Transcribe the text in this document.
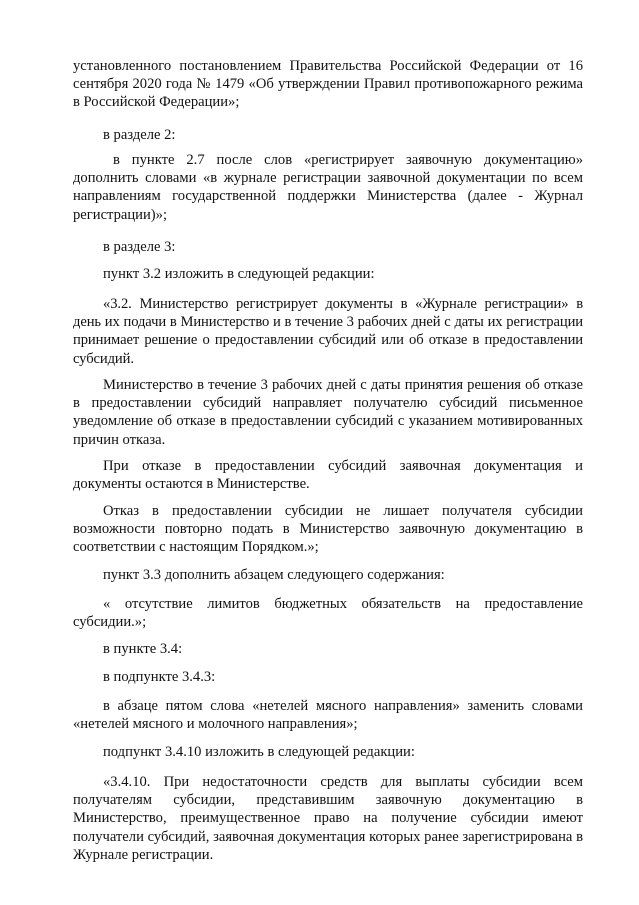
установленного постановлением Правительства Российской Федерации от 16 сентября 2020 года № 1479 «Об утверждении Правил противопожарного режима в Российской Федерации»;

в разделе 2:

в пункте 2.7 после слов «регистрирует заявочную документацию» дополнить словами «в журнале регистрации заявочной документации по всем направлениям государственной поддержки Министерства (далее - Журнал регистрации)»;

в разделе 3:

пункт 3.2 изложить в следующей редакции:

«3.2. Министерство регистрирует документы в «Журнале регистрации» в день их подачи в Министерство и в течение 3 рабочих дней с даты их регистрации принимает решение о предоставлении субсидий или об отказе в предоставлении субсидий.

Министерство в течение 3 рабочих дней с даты принятия решения об отказе в предоставлении субсидий направляет получателю субсидий письменное уведомление об отказе в предоставлении субсидий с указанием мотивированных причин отказа.

При отказе в предоставлении субсидий заявочная документация и документы остаются в Министерстве.

Отказ в предоставлении субсидии не лишает получателя субсидии возможности повторно подать в Министерство заявочную документацию в соответствии с настоящим Порядком.»;

пункт 3.3 дополнить абзацем следующего содержания:

« отсутствие лимитов бюджетных обязательств на предоставление субсидии.»;

в пункте 3.4:

в подпункте 3.4.3:

в абзаце пятом слова «нетелей мясного направления» заменить словами «нетелей мясного и молочного направления»;

подпункт 3.4.10 изложить в следующей редакции:

«3.4.10. При недостаточности средств для выплаты субсидии всем получателям субсидии, представившим заявочную документацию в Министерство, преимущественное право на получение субсидии имеют получатели субсидий, заявочная документация которых ранее зарегистрирована в Журнале регистрации.
